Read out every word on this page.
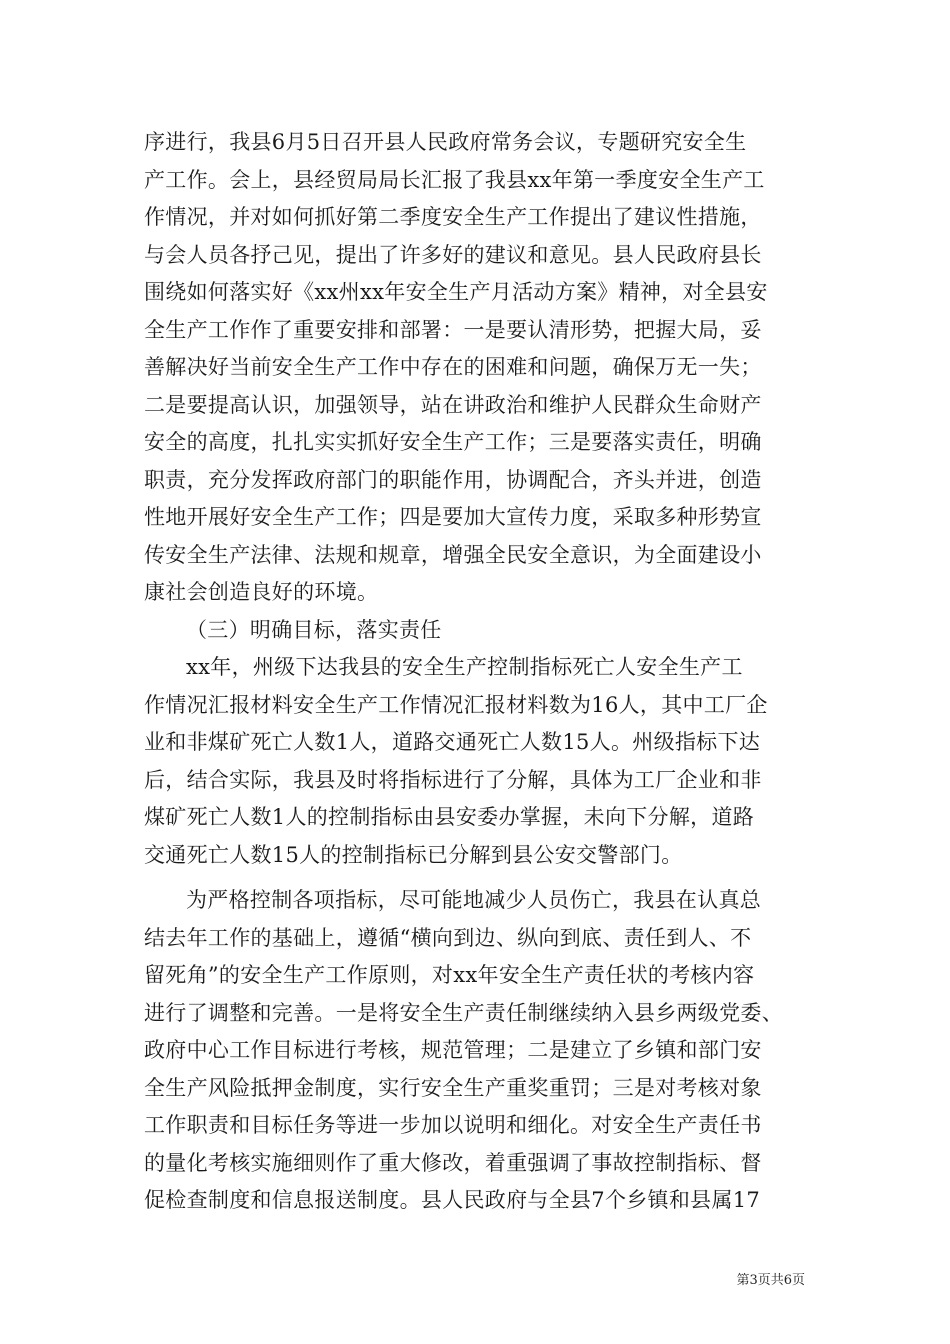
序进行，我县6月5日召开县人民政府常务会议，专题研究安全生
产工作。会上，县经贸局局长汇报了我县xx年第一季度安全生产工
作情况，并对如何抓好第二季度安全生产工作提出了建议性措施，
与会人员各抒己见，提出了许多好的建议和意见。县人民政府县长
围绕如何落实好《xx州xx年安全生产月活动方案》精神，对全县安
全生产工作作了重要安排和部署：一是要认清形势，把握大局，妥
善解决好当前安全生产工作中存在的困难和问题，确保万无一失；
二是要提高认识，加强领导，站在讲政治和维护人民群众生命财产
安全的高度，扎扎实实抓好安全生产工作；三是要落实责任，明确
职责，充分发挥政府部门的职能作用，协调配合，齐头并进，创造
性地开展好安全生产工作；四是要加大宣传力度，采取多种形势宣
传安全生产法律、法规和规章，增强全民安全意识，为全面建设小
康社会创造良好的环境。
（三）明确目标，落实责任
xx年，州级下达我县的安全生产控制指标死亡人安全生产工
作情况汇报材料安全生产工作情况汇报材料数为16人，其中工厂企
业和非煤矿死亡人数1人，道路交通死亡人数15人。州级指标下达
后，结合实际，我县及时将指标进行了分解，具体为工厂企业和非
煤矿死亡人数1人的控制指标由县安委办掌握，未向下分解，道路
交通死亡人数15人的控制指标已分解到县公安交警部门。
为严格控制各项指标，尽可能地减少人员伤亡，我县在认真总
结去年工作的基础上，遵循“横向到边、纵向到底、责任到人、不
留死角”的安全生产工作原则，对xx年安全生产责任状的考核内容
进行了调整和完善。一是将安全生产责任制继续纳入县乡两级党委、
政府中心工作目标进行考核，规范管理；二是建立了乡镇和部门安
全生产风险抵押金制度，实行安全生产重奖重罚；三是对考核对象
工作职责和目标任务等进一步加以说明和细化。对安全生产责任书
的量化考核实施细则作了重大修改，着重强调了事故控制指标、督
促检查制度和信息报送制度。县人民政府与全县7个乡镇和县属17
第3页共6页
